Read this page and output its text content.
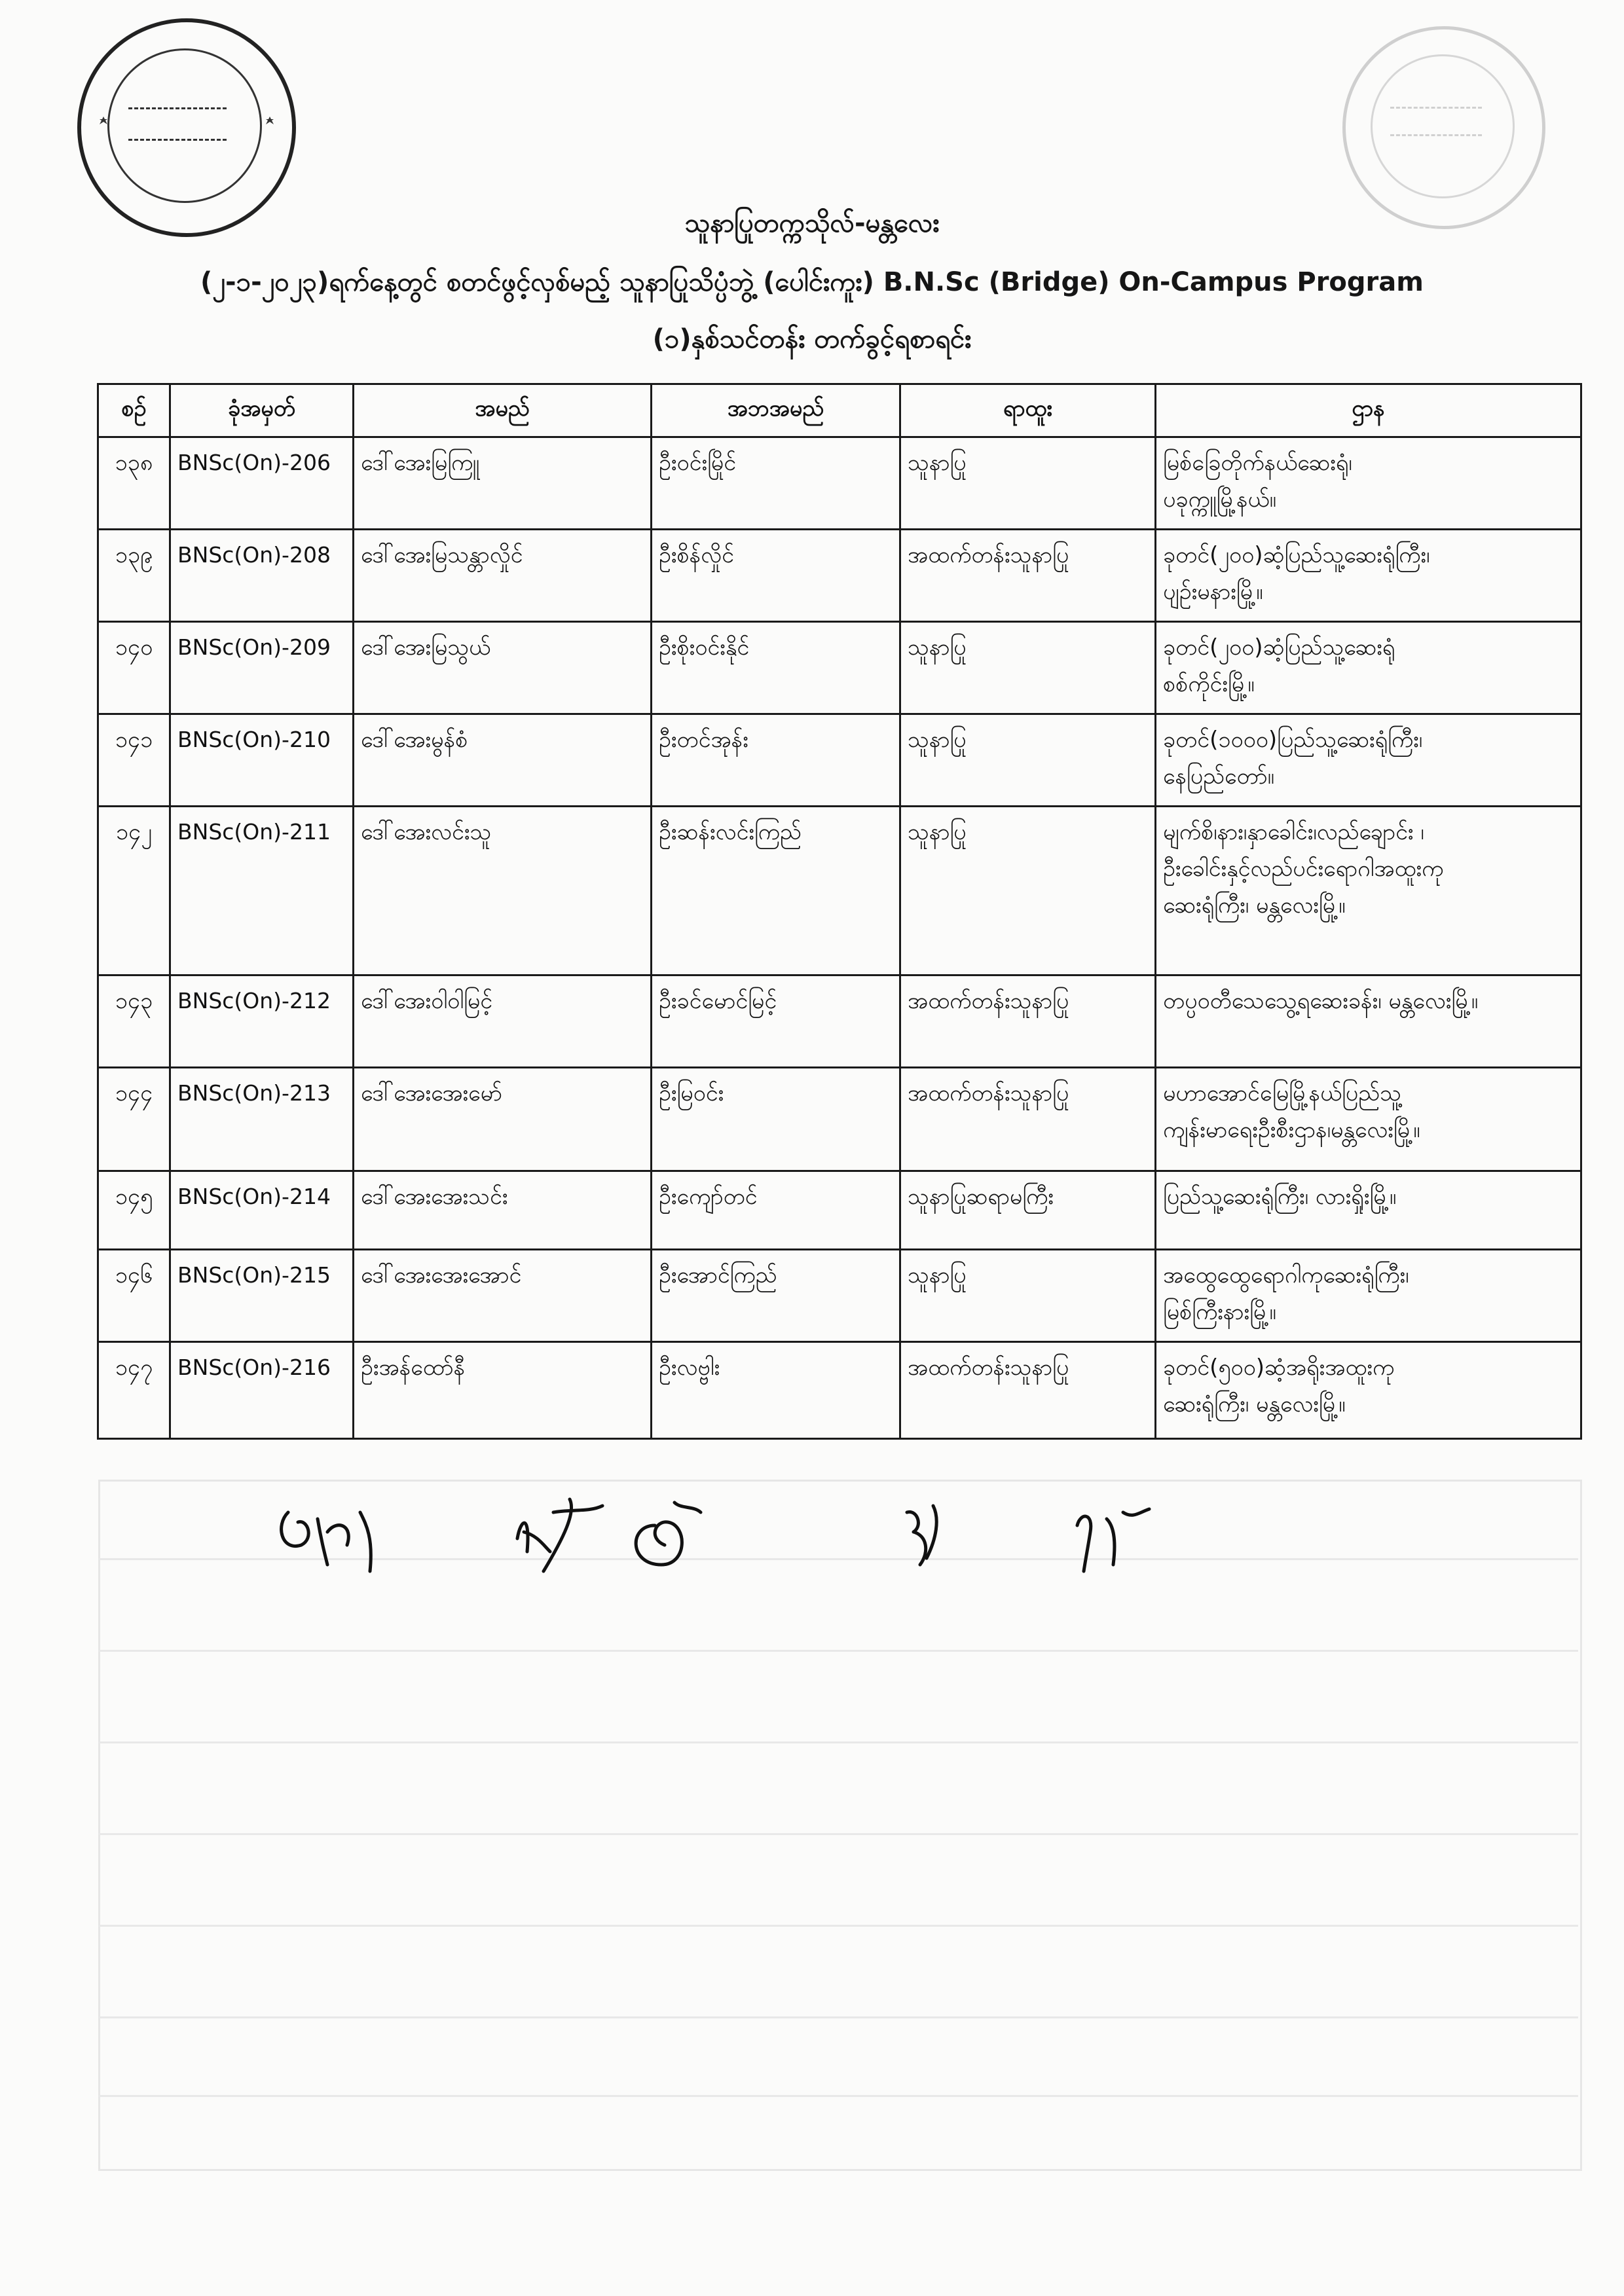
သူနာပြုတက္ကသိုလ်-မန္တလေး
(၂-၁-၂၀၂၃)ရက်နေ့တွင် စတင်ဖွင့်လှစ်မည့် သူနာပြုသိပ္ပံဘွဲ့ (ပေါင်းကူး) B.N.Sc (Bridge) On-Campus Program
(၁)နှစ်သင်တန်း တက်ခွင့်ရစာရင်း
စဉ်	ခုံအမှတ်	အမည်	အဘအမည်	ရာထူး	ဌာန
၁၃၈	BNSc(On)-206	ဒေါ်အေးမြကြူ	ဦးဝင်းမြိုင်	သူနာပြု	မြစ်ခြေတိုက်နယ်ဆေးရုံ၊
ပခုက္ကူမြို့နယ်။

၁၃၉	BNSc(On)-208	ဒေါ်အေးမြသန္တာလှိုင်	ဦးစိန်လှိုင်	အထက်တန်းသူနာပြု	ခုတင်(၂၀၀)ဆံ့ပြည်သူ့ဆေးရုံကြီး၊
ပျဉ်းမနားမြို့။

၁၄၀	BNSc(On)-209	ဒေါ်အေးမြသွယ်	ဦးစိုးဝင်းနိုင်	သူနာပြု	ခုတင်(၂၀၀)ဆံ့ပြည်သူ့ဆေးရုံ
စစ်ကိုင်းမြို့။

၁၄၁	BNSc(On)-210	ဒေါ်အေးမွန်စံ	ဦးတင်အုန်း	သူနာပြု	ခုတင်(၁၀၀၀)ပြည်သူ့ဆေးရုံကြီး၊
နေပြည်တော်။

၁၄၂	BNSc(On)-211	ဒေါ်အေးလင်းသူ	ဦးဆန်းလင်းကြည်	သူနာပြု	မျက်စိ၊နား၊နှာခေါင်း၊လည်ချောင်း ၊
ဦးခေါင်းနှင့်လည်ပင်းရောဂါအထူးကု
ဆေးရုံကြီး၊ မန္တလေးမြို့။

၁၄၃	BNSc(On)-212	ဒေါ်အေးဝါဝါမြင့်	ဦးခင်မောင်မြင့်	အထက်တန်းသူနာပြု	တပ္ပဝတီသေသွေ့ရဆေးခန်း၊ မန္တလေးမြို့။

၁၄၄	BNSc(On)-213	ဒေါ်အေးအေးမော်	ဦးမြဝင်း	အထက်တန်းသူနာပြု	မဟာအောင်မြေမြို့နယ်ပြည်သူ့
ကျန်းမာရေးဦးစီးဌာန၊မန္တလေးမြို့။

၁၄၅	BNSc(On)-214	ဒေါ်အေးအေးသင်း	ဦးကျော်တင်	သူနာပြုဆရာမကြီး	ပြည်သူ့ဆေးရုံကြီး၊ လားရှိုးမြို့။

၁၄၆	BNSc(On)-215	ဒေါ်အေးအေးအောင်	ဦးအောင်ကြည်	သူနာပြု	အထွေထွေရောဂါကုဆေးရုံကြီး၊
မြစ်ကြီးနားမြို့။

၁၄၇	BNSc(On)-216	ဦးအန်ထော်နီ	ဦးလဗ္ဗါး	အထက်တန်းသူနာပြု	ခုတင်(၅၀၀)ဆံ့အရိုးအထူးကု
ဆေးရုံကြီး၊ မန္တလေးမြို့။
